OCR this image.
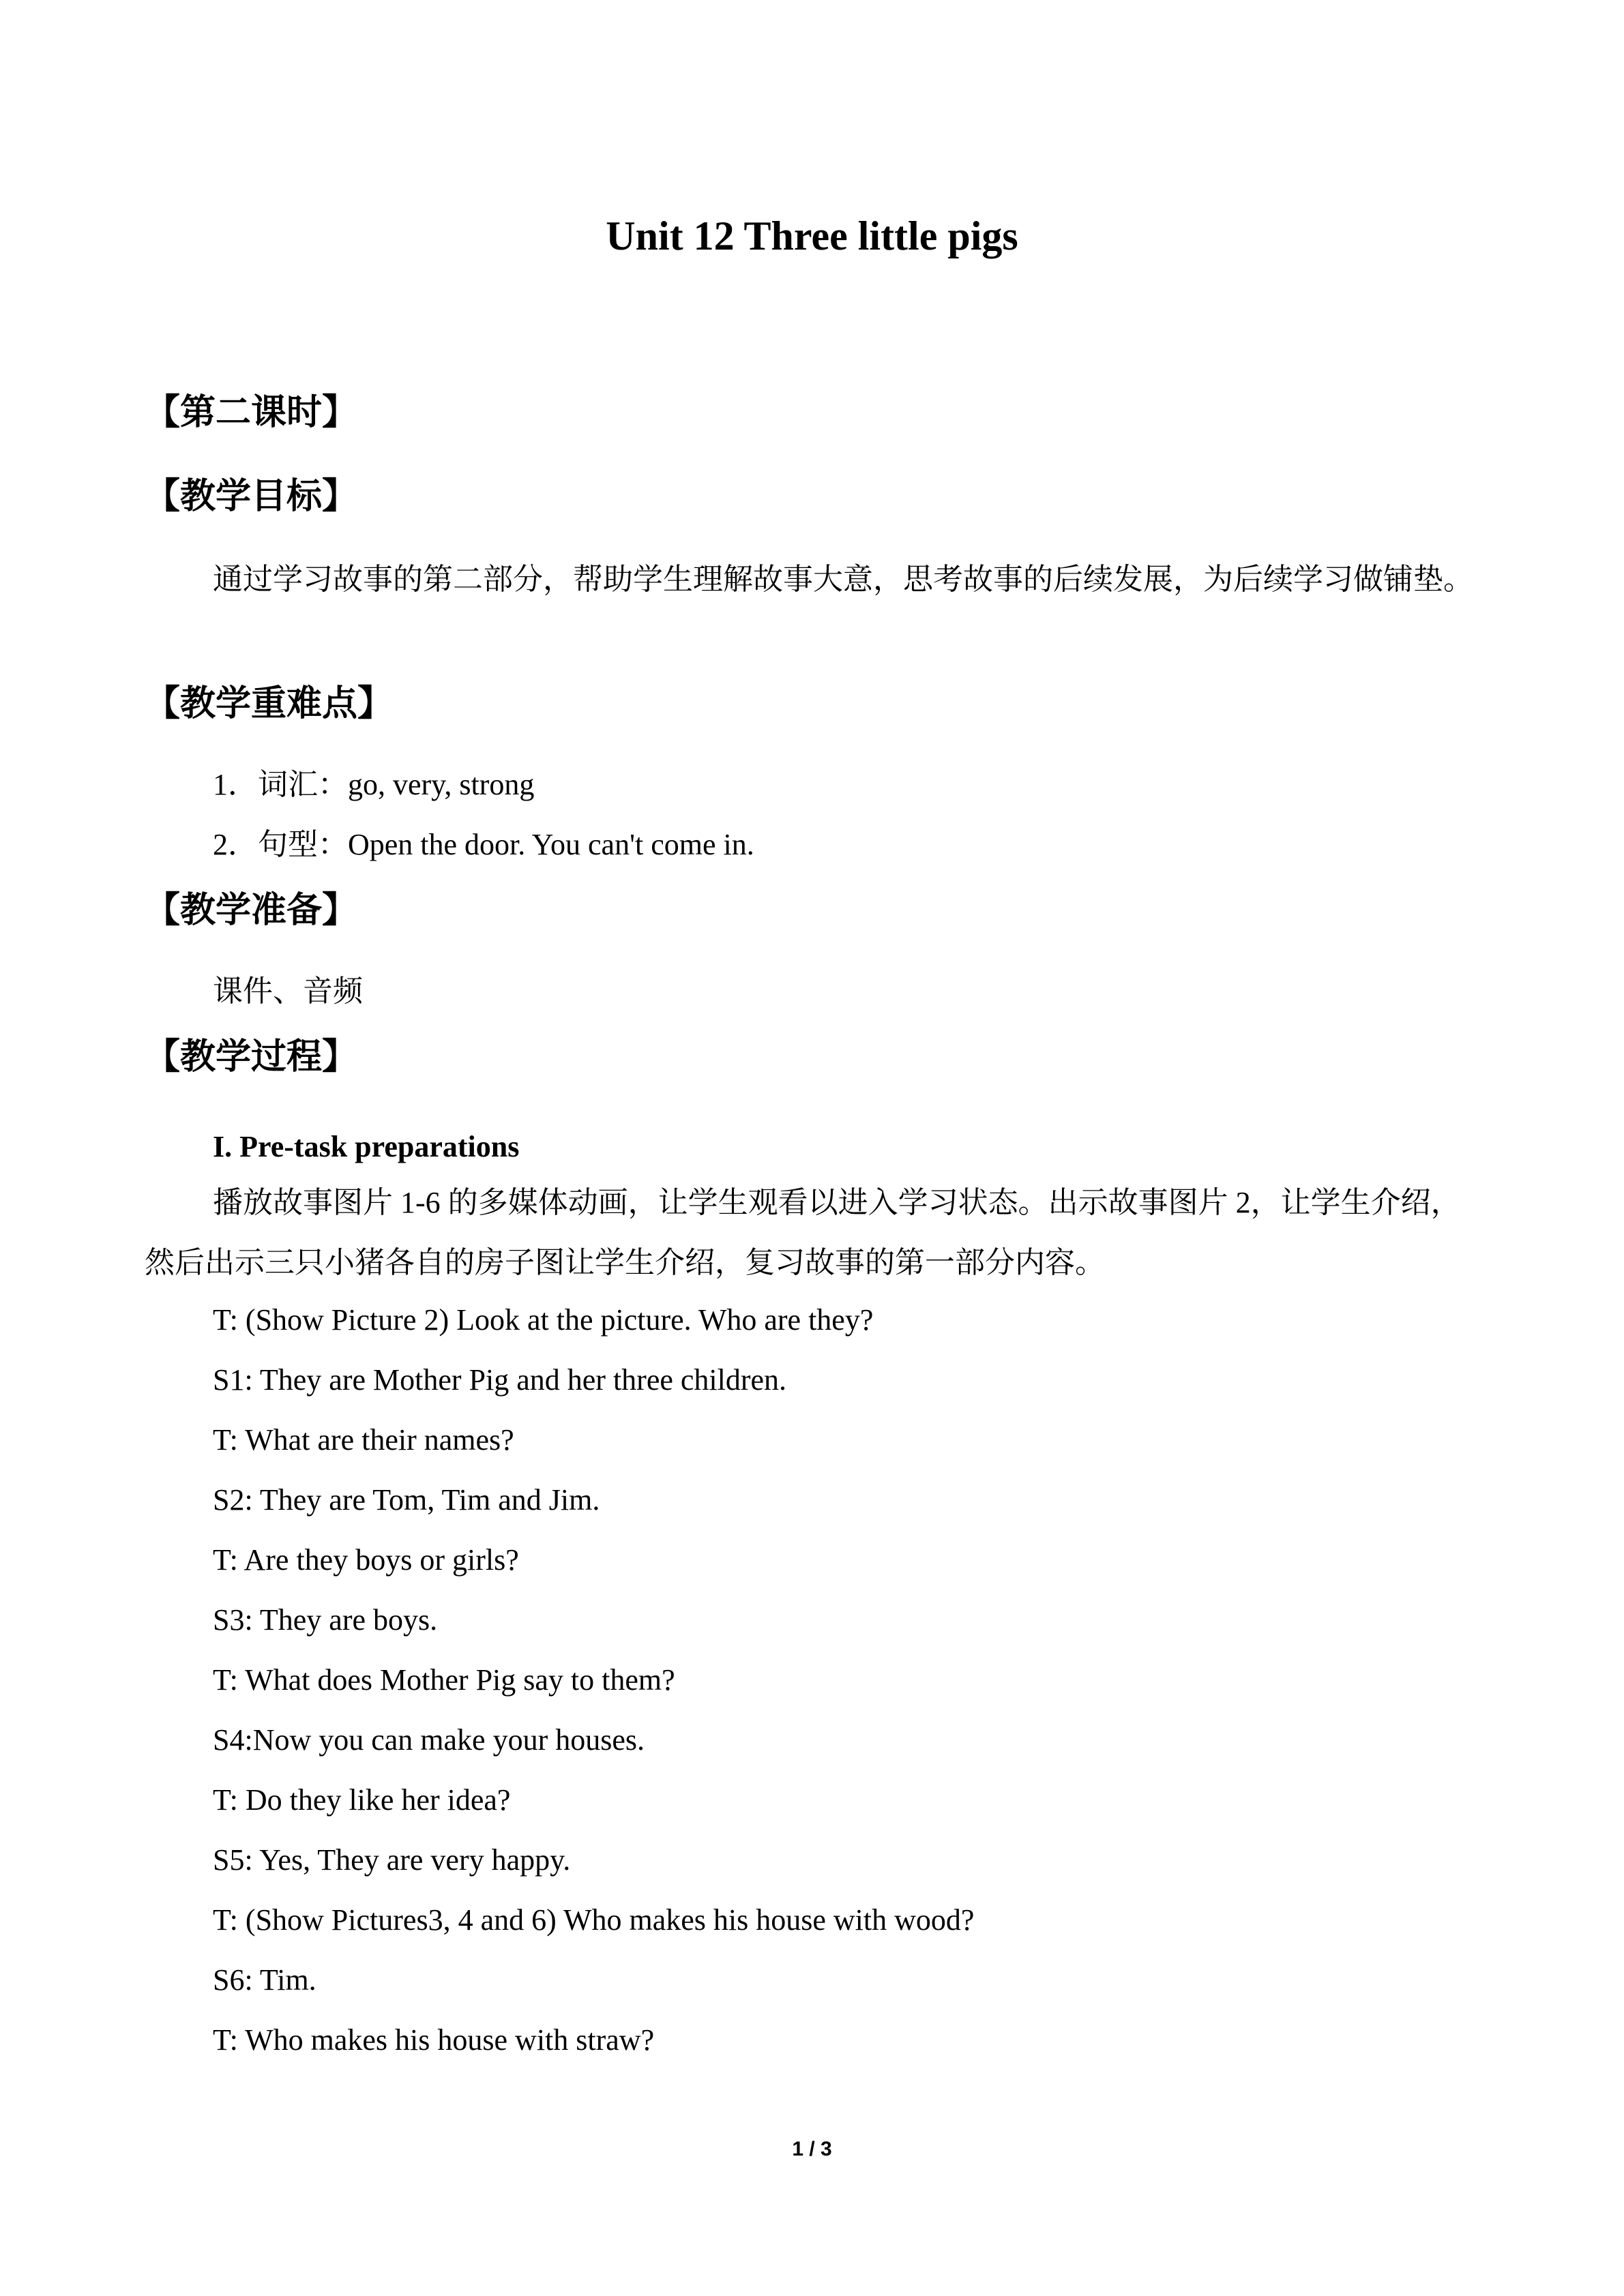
Unit 12 Three little pigs
【第二课时】
【教学目标】
通过学习故事的第二部分，帮助学生理解故事大意，思考故事的后续发展，为后续学习做铺垫。
【教学重难点】
1．词汇：go, very, strong
2．句型：Open the door. You can't come in.
【教学准备】
课件、音频
【教学过程】
I. Pre-task preparations
播放故事图片 1-6 的多媒体动画，让学生观看以进入学习状态。出示故事图片 2，让学生介绍，然后出示三只小猪各自的房子图让学生介绍，复习故事的第一部分内容。
T: (Show Picture 2) Look at the picture. Who are they?
S1: They are Mother Pig and her three children.
T: What are their names?
S2: They are Tom, Tim and Jim.
T: Are they boys or girls?
S3: They are boys.
T: What does Mother Pig say to them?
S4:Now you can make your houses.
T: Do they like her idea?
S5: Yes, They are very happy.
T: (Show Pictures3, 4 and 6) Who makes his house with wood?
S6: Tim.
T: Who makes his house with straw?
1 / 3
